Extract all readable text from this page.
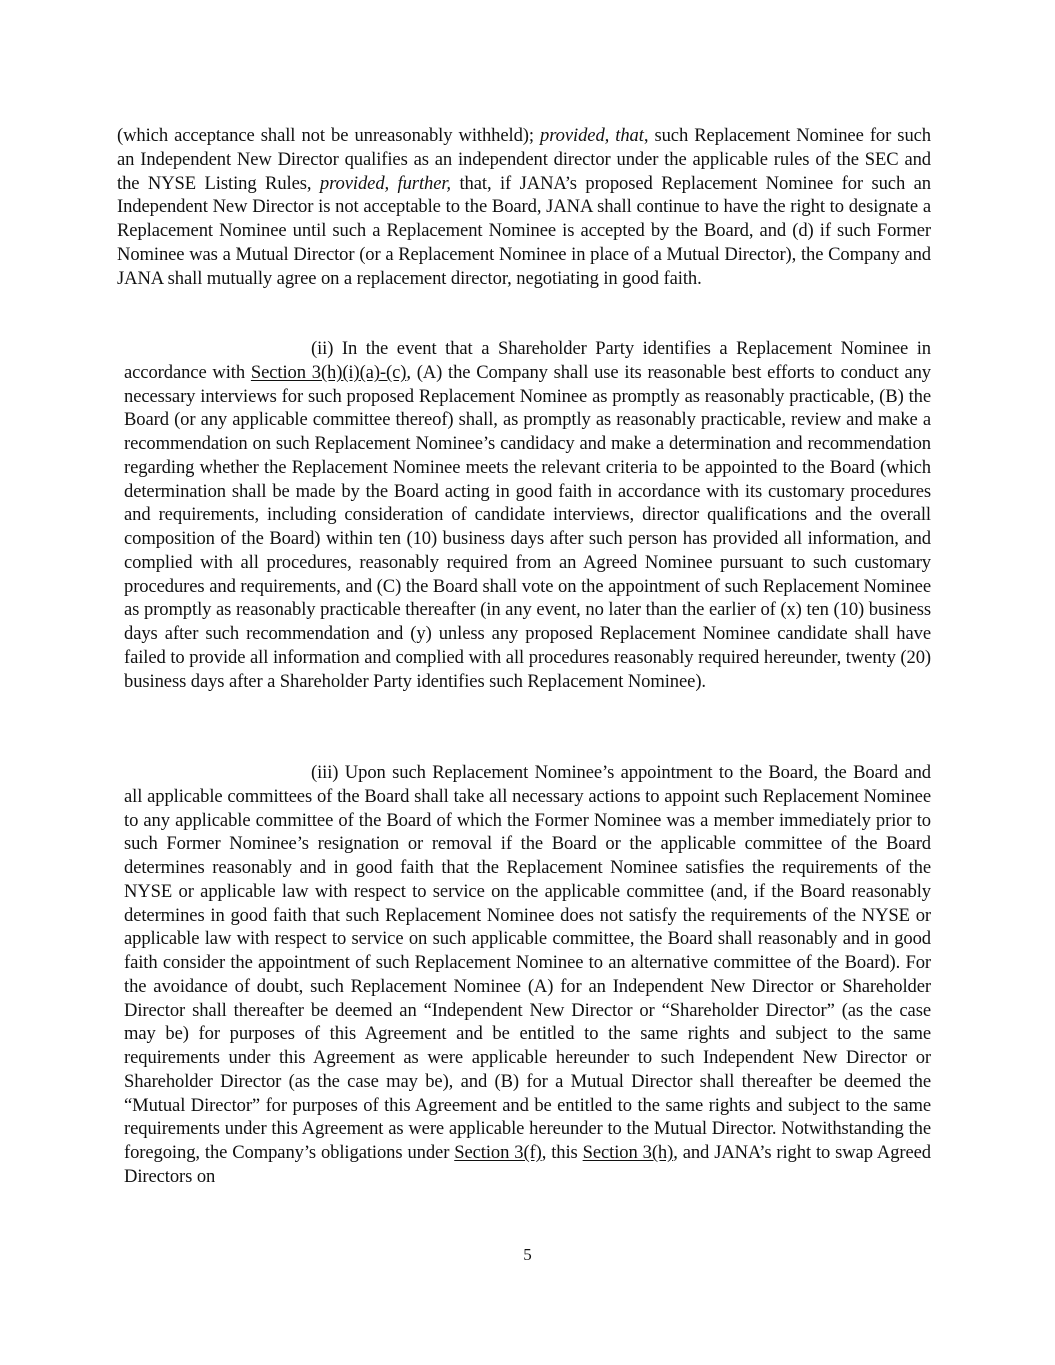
(which acceptance shall not be unreasonably withheld); provided, that, such Replacement Nominee for such an Independent New Director qualifies as an independent director under the applicable rules of the SEC and the NYSE Listing Rules, provided, further, that, if JANA’s proposed Replacement Nominee for such an Independent New Director is not acceptable to the Board, JANA shall continue to have the right to designate a Replacement Nominee until such a Replacement Nominee is accepted by the Board, and (d) if such Former Nominee was a Mutual Director (or a Replacement Nominee in place of a Mutual Director), the Company and JANA shall mutually agree on a replacement director, negotiating in good faith.

(ii) In the event that a Shareholder Party identifies a Replacement Nominee in accordance with Section 3(h)(i)(a)-(c), (A) the Company shall use its reasonable best efforts to conduct any necessary interviews for such proposed Replacement Nominee as promptly as reasonably practicable, (B) the Board (or any applicable committee thereof) shall, as promptly as reasonably practicable, review and make a recommendation on such Replacement Nominee’s candidacy and make a determination and recommendation regarding whether the Replacement Nominee meets the relevant criteria to be appointed to the Board (which determination shall be made by the Board acting in good faith in accordance with its customary procedures and requirements, including consideration of candidate interviews, director qualifications and the overall composition of the Board) within ten (10) business days after such person has provided all information, and complied with all procedures, reasonably required from an Agreed Nominee pursuant to such customary procedures and requirements, and (C) the Board shall vote on the appointment of such Replacement Nominee as promptly as reasonably practicable thereafter (in any event, no later than the earlier of (x) ten (10) business days after such recommendation and (y) unless any proposed Replacement Nominee candidate shall have failed to provide all information and complied with all procedures reasonably required hereunder, twenty (20) business days after a Shareholder Party identifies such Replacement Nominee).

(iii) Upon such Replacement Nominee’s appointment to the Board, the Board and all applicable committees of the Board shall take all necessary actions to appoint such Replacement Nominee to any applicable committee of the Board of which the Former Nominee was a member immediately prior to such Former Nominee’s resignation or removal if the Board or the applicable committee of the Board determines reasonably and in good faith that the Replacement Nominee satisfies the requirements of the NYSE or applicable law with respect to service on the applicable committee (and, if the Board reasonably determines in good faith that such Replacement Nominee does not satisfy the requirements of the NYSE or applicable law with respect to service on such applicable committee, the Board shall reasonably and in good faith consider the appointment of such Replacement Nominee to an alternative committee of the Board). For the avoidance of doubt, such Replacement Nominee (A) for an Independent New Director or Shareholder Director shall thereafter be deemed an “Independent New Director or “Shareholder Director” (as the case may be) for purposes of this Agreement and be entitled to the same rights and subject to the same requirements under this Agreement as were applicable hereunder to such Independent New Director or Shareholder Director (as the case may be), and (B) for a Mutual Director shall thereafter be deemed the “Mutual Director” for purposes of this Agreement and be entitled to the same rights and subject to the same requirements under this Agreement as were applicable hereunder to the Mutual Director. Notwithstanding the foregoing, the Company’s obligations under Section 3(f), this Section 3(h), and JANA’s right to swap Agreed Directors on

5
